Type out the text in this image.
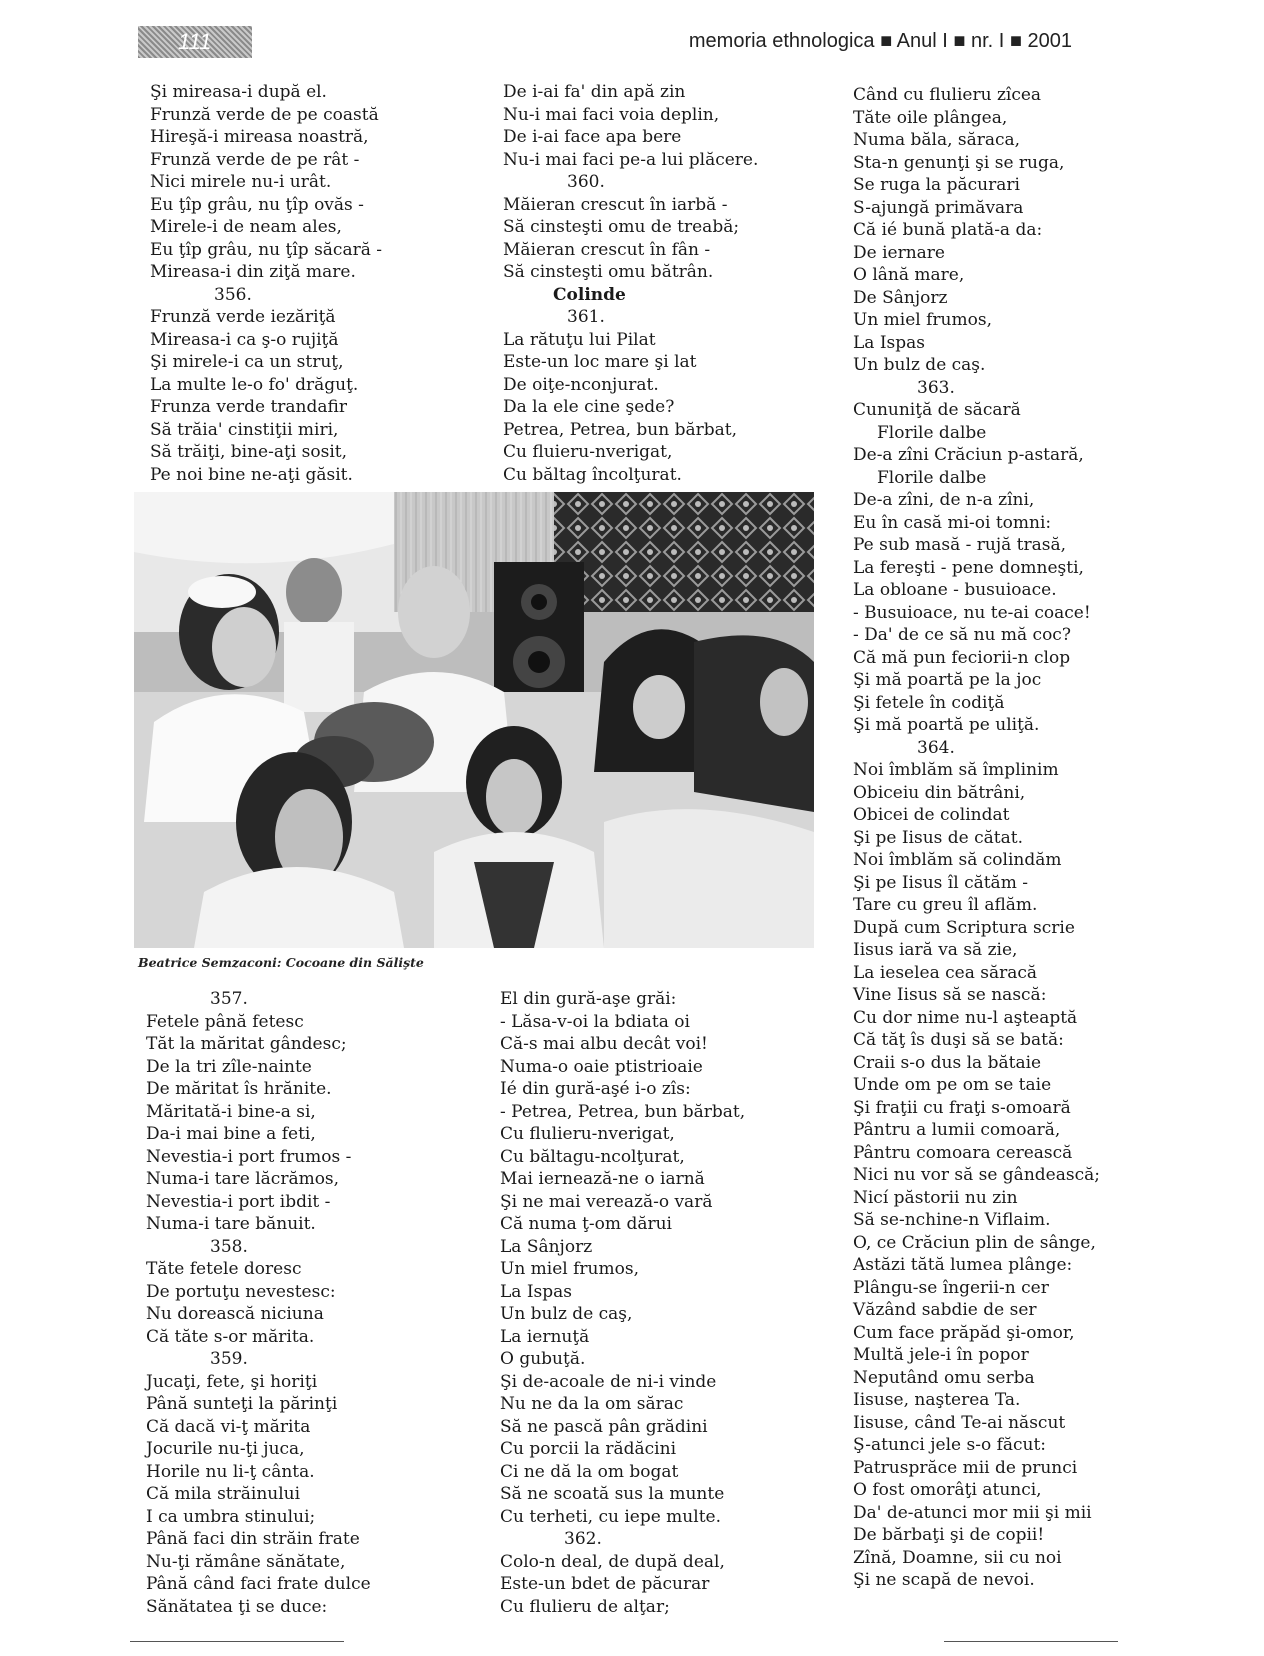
111	memoria ethnologica ■ Anul I ■ nr. I ■ 2001
Şi mireasa-i după el.
Frunză verde de pe coastă
Hireşă-i mireasa noastră,
Frunză verde de pe rât -
Nici mirele nu-i urât.
Eu ţîp grâu, nu ţîp ovăs -
Mirele-i de neam ales,
Eu ţîp grâu, nu ţîp săcară -
Mireasa-i din ziţă mare.
356.
Frunză verde iezăriţă
Mireasa-i ca ş-o rujiţă
Şi mirele-i ca un struţ,
La multe le-o fo' drăguţ.
Frunza verde trandafir
Să trăia' cinstiţii miri,
Să trăiţi, bine-aţi sosit,
Pe noi bine ne-aţi găsit.
De i-ai fa' din apă zin
Nu-i mai faci voia deplin,
De i-ai face apa bere
Nu-i mai faci pe-a lui plăcere.
360.
Măieran crescut în iarbă -
Să cinsteşti omu de treabă;
Măieran crescut în fân -
Să cinsteşti omu bătrân.
Colinde
361.
La rătuţu lui Pilat
Este-un loc mare şi lat
De oiţe-nconjurat.
Da la ele cine şede?
Petrea, Petrea, bun bărbat,
Cu fluieru-nverigat,
Cu băltag încolţurat.
Când cu flulieru zîcea
Tăte oile plângea,
Numa băla, săraca,
Sta-n genunţi şi se ruga,
Se ruga la păcurari
S-ajungă primăvara
Că ié bună plată-a da:
De iernare
O lână mare,
De Sânjorz
Un miel frumos,
La Ispas
Un bulz de caş.
363.
Cununiţă de săcară
Florile dalbe
De-a zîni Crăciun p-astară,
Florile dalbe
De-a zîni, de n-a zîni,
Eu în casă mi-oi tomni:
Pe sub masă - rujă trasă,
La fereşti - pene domneşti,
La obloane - busuioace.
- Busuioace, nu te-ai coace!
- Da' de ce să nu mă coc?
Că mă pun feciorii-n clop
Şi mă poartă pe la joc
Şi fetele în codiţă
Şi mă poartă pe uliţă.
364.
Noi îmblăm să împlinim
Obiceiu din bătrâni,
Obicei de colindat
Şi pe Iisus de cătat.
Noi îmblăm să colindăm
Şi pe Iisus îl cătăm -
Tare cu greu îl aflăm.
După cum Scriptura scrie
Iisus iară va să zie,
La ieselea cea săracă
Vine Iisus să se nască:
Cu dor nime nu-l aşteaptă
Că tăţ îs duşi să se bată:
Craii s-o dus la bătaie
Unde om pe om se taie
Şi fraţii cu fraţi s-omoară
Pântru a lumii comoară,
Pântru comoara cerească
Nici nu vor să se gândească;
Nicí păstorii nu zin
Să se-nchine-n Viflaim.
O, ce Crăciun plin de sânge,
Astăzi tătă lumea plânge:
Plângu-se îngerii-n cer
Văzând sabdie de ser
Cum face prăpăd şi-omor,
Multă jele-i în popor
Neputând omu serba
Iisuse, naşterea Ta.
Iisuse, când Te-ai născut
Ş-atunci jele s-o făcut:
Patrusprăce mii de prunci
O fost omorâţi atunci,
Da' de-atunci mor mii şi mii
De bărbaţi şi de copii!
Zînă, Doamne, sii cu noi
Şi ne scapă de nevoi.
Beatrice Semzaconi: Cocoane din Sălişte
357.
Fetele până fetesc
Tăt la măritat gândesc;
De la tri zîle-nainte
De măritat îs hrănite.
Măritată-i bine-a si,
Da-i mai bine a feti,
Nevestia-i port frumos -
Numa-i tare lăcrămos,
Nevestia-i port ibdit -
Numa-i tare bănuit.
358.
Tăte fetele doresc
De portuţu nevestesc:
Nu dorească niciuna
Că tăte s-or mărita.
359.
Jucaţi, fete, şi horiţi
Până sunteţi la părinţi
Că dacă vi-ţ mărita
Jocurile nu-ţi juca,
Horile nu li-ţ cânta.
Că mila străinului
I ca umbra stinului;
Până faci din străin frate
Nu-ţi rămâne sănătate,
Până când faci frate dulce
Sănătatea ţi se duce:
El din gură-aşe grăi:
- Lăsa-v-oi la bdiata oi
Că-s mai albu decât voi!
Numa-o oaie ptistrioaie
Ié din gură-aşé i-o zîs:
- Petrea, Petrea, bun bărbat,
Cu flulieru-nverigat,
Cu băltagu-ncolţurat,
Mai iernează-ne o iarnă
Şi ne mai verează-o vară
Că numa ţ-om dărui
La Sânjorz
Un miel frumos,
La Ispas
Un bulz de caş,
La iernuţă
O gubuţă.
Şi de-acoale de ni-i vinde
Nu ne da la om sărac
Să ne pască pân grădini
Cu porcii la rădăcini
Ci ne dă la om bogat
Să ne scoată sus la munte
Cu terheti, cu iepe multe.
362.
Colo-n deal, de după deal,
Este-un bdet de păcurar
Cu flulieru de alţar;
